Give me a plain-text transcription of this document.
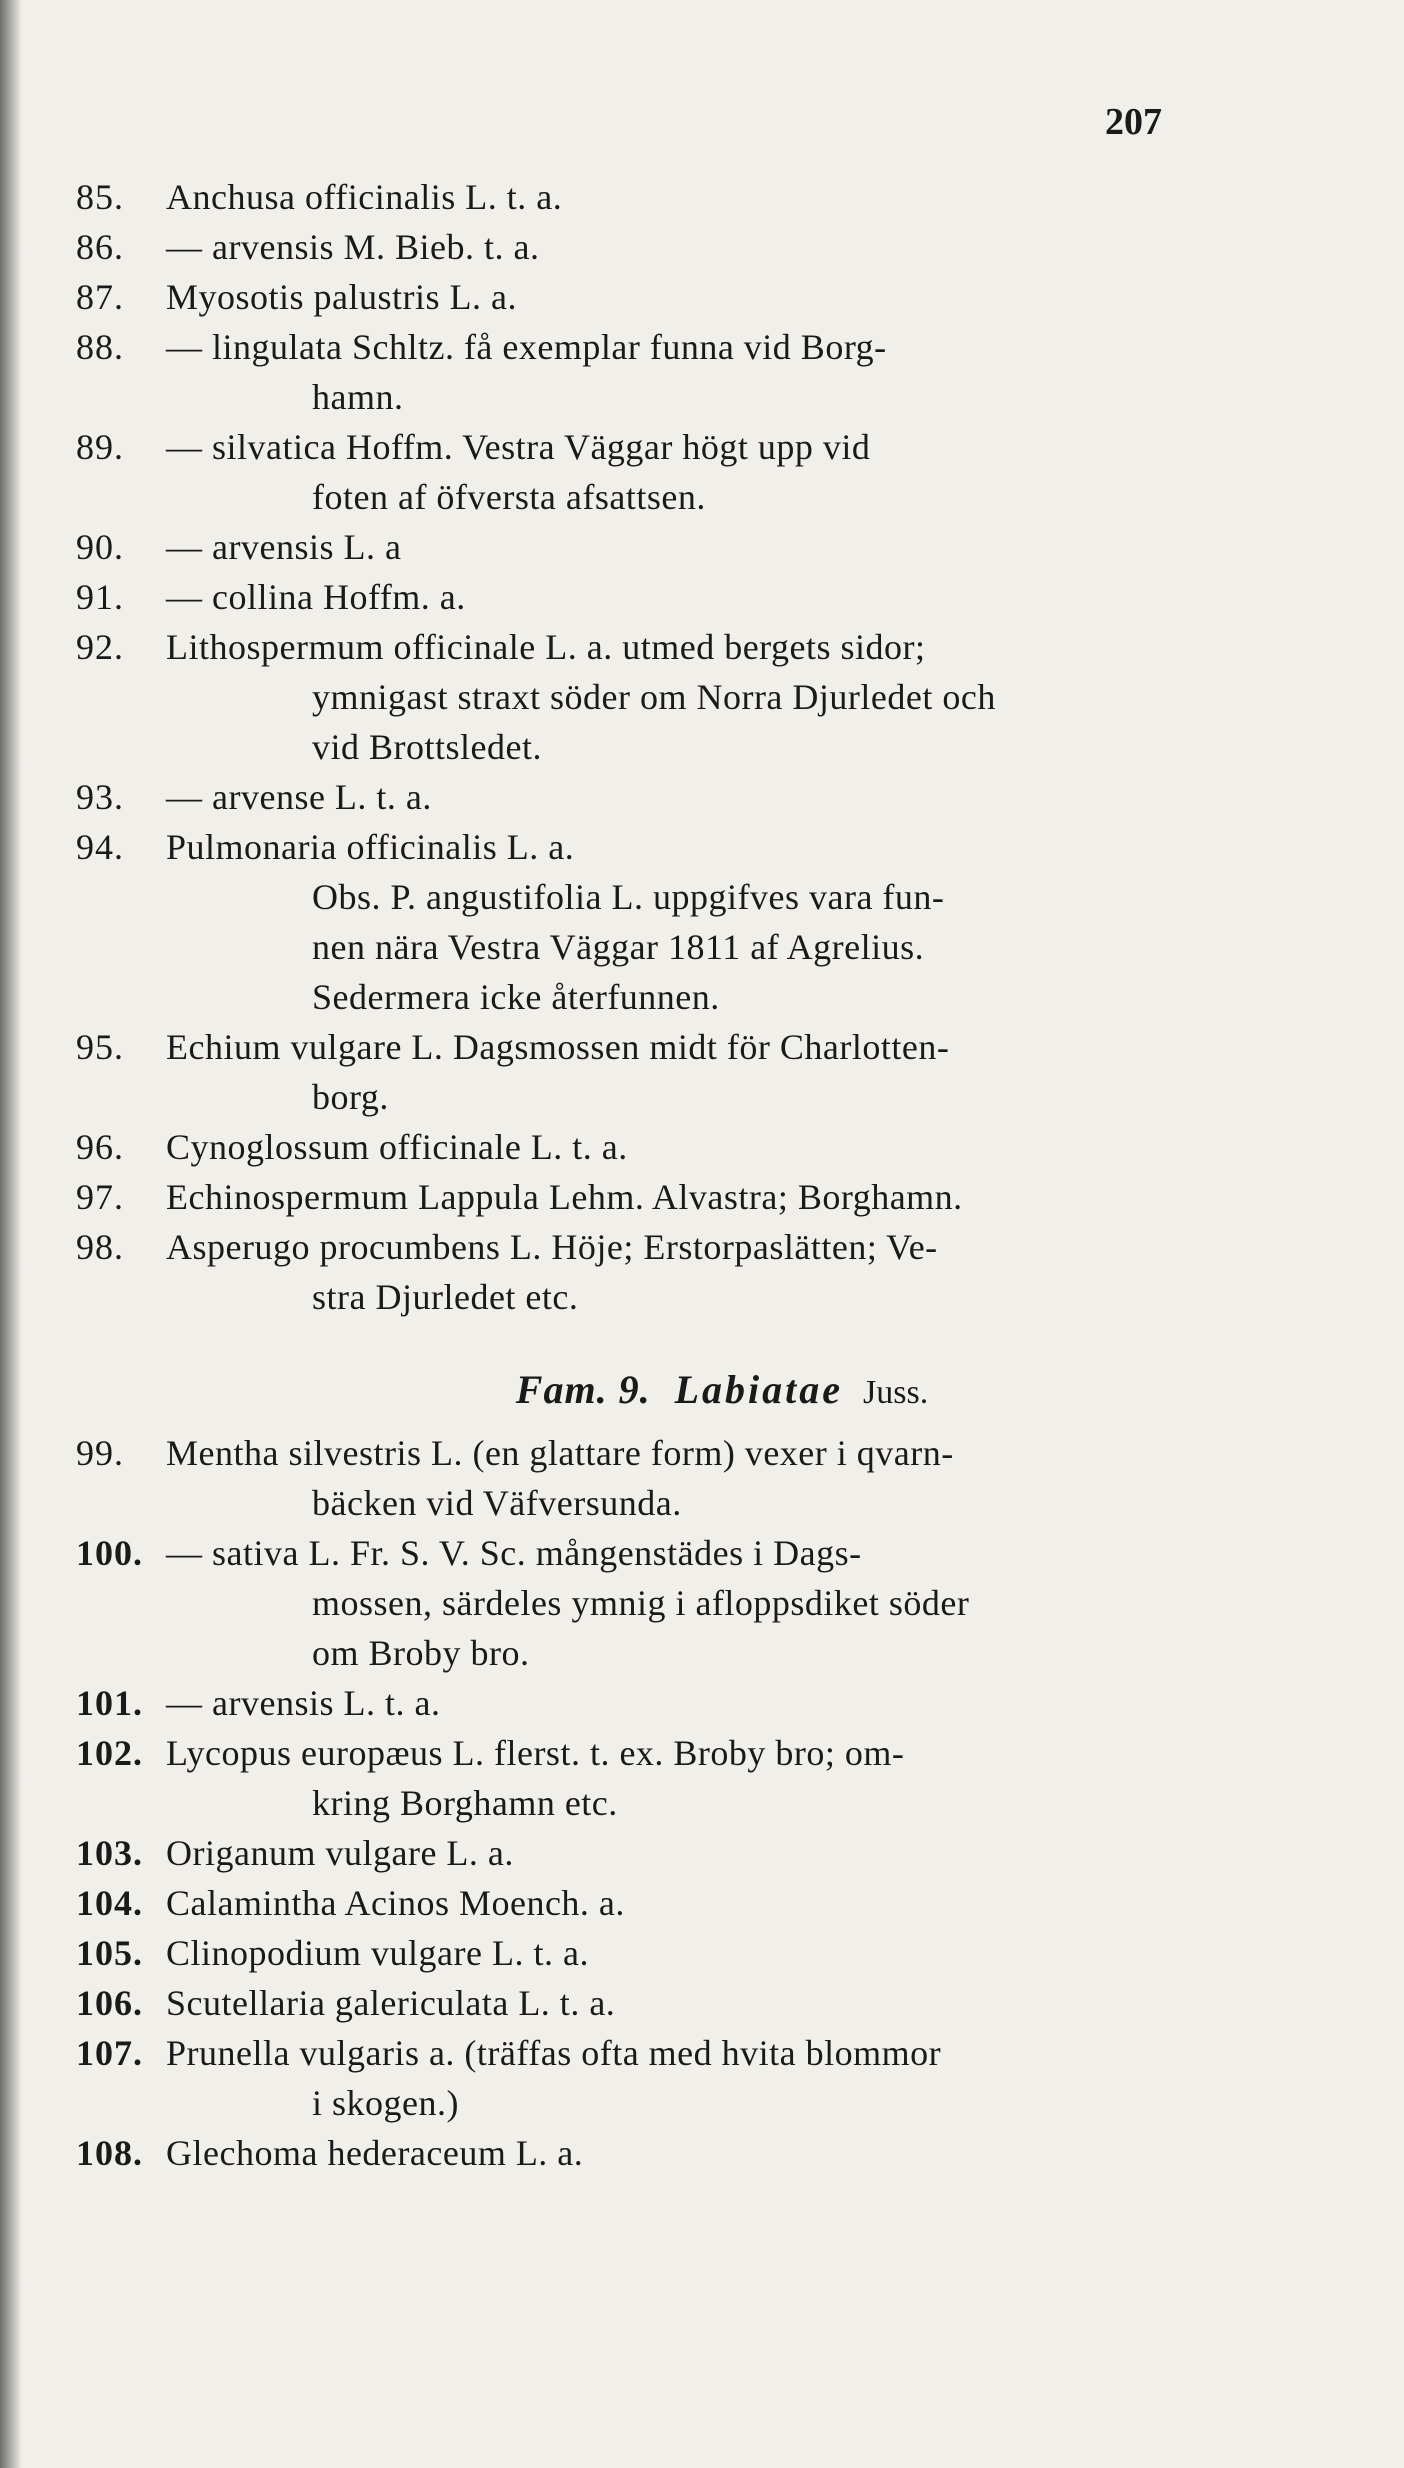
207
85.	Anchusa officinalis L. t. a.
86.	— arvensis M. Bieb. t. a.
87.	Myosotis palustris L. a.
88.	— lingulata Schltz. få exemplar funna vid Borg-
hamn.
89.	— silvatica Hoffm. Vestra Väggar högt upp vid
foten af öfversta afsattsen.
90.	— arvensis L. a
91.	— collina Hoffm. a.
92.	Lithospermum officinale L. a. utmed bergets sidor;
ymnigast straxt söder om Norra Djurledet och
vid Brottsledet.
93.	— arvense L. t. a.
94.	Pulmonaria officinalis L. a.
Obs. P. angustifolia L. uppgifves vara fun-
nen nära Vestra Väggar 1811 af Agrelius.
Sedermera icke återfunnen.
95.	Echium vulgare L. Dagsmossen midt för Charlotten-
borg.
96.	Cynoglossum officinale L. t. a.
97.	Echinospermum Lappula Lehm. Alvastra; Borghamn.
98.	Asperugo procumbens L. Höje; Erstorpaslätten; Ve-
stra Djurledet etc.
Fam. 9. Labiatae Juss.
99.	Mentha silvestris L. (en glattare form) vexer i qvarn-
bäcken vid Väfversunda.
100. — sativa L. Fr. S. V. Sc. mångenstädes i Dags-
mossen, särdeles ymnig i afloppsdiket söder
om Broby bro.
101. — arvensis L. t. a.
102. Lycopus europæus L. flerst. t. ex. Broby bro; om-
kring Borghamn etc.
103. Origanum vulgare L. a.
104. Calamintha Acinos Moench. a.
105. Clinopodium vulgare L. t. a.
106. Scutellaria galericulata L. t. a.
107. Prunella vulgaris a. (träffas ofta med hvita blommor
i skogen.)
108. Glechoma hederaceum L. a.
